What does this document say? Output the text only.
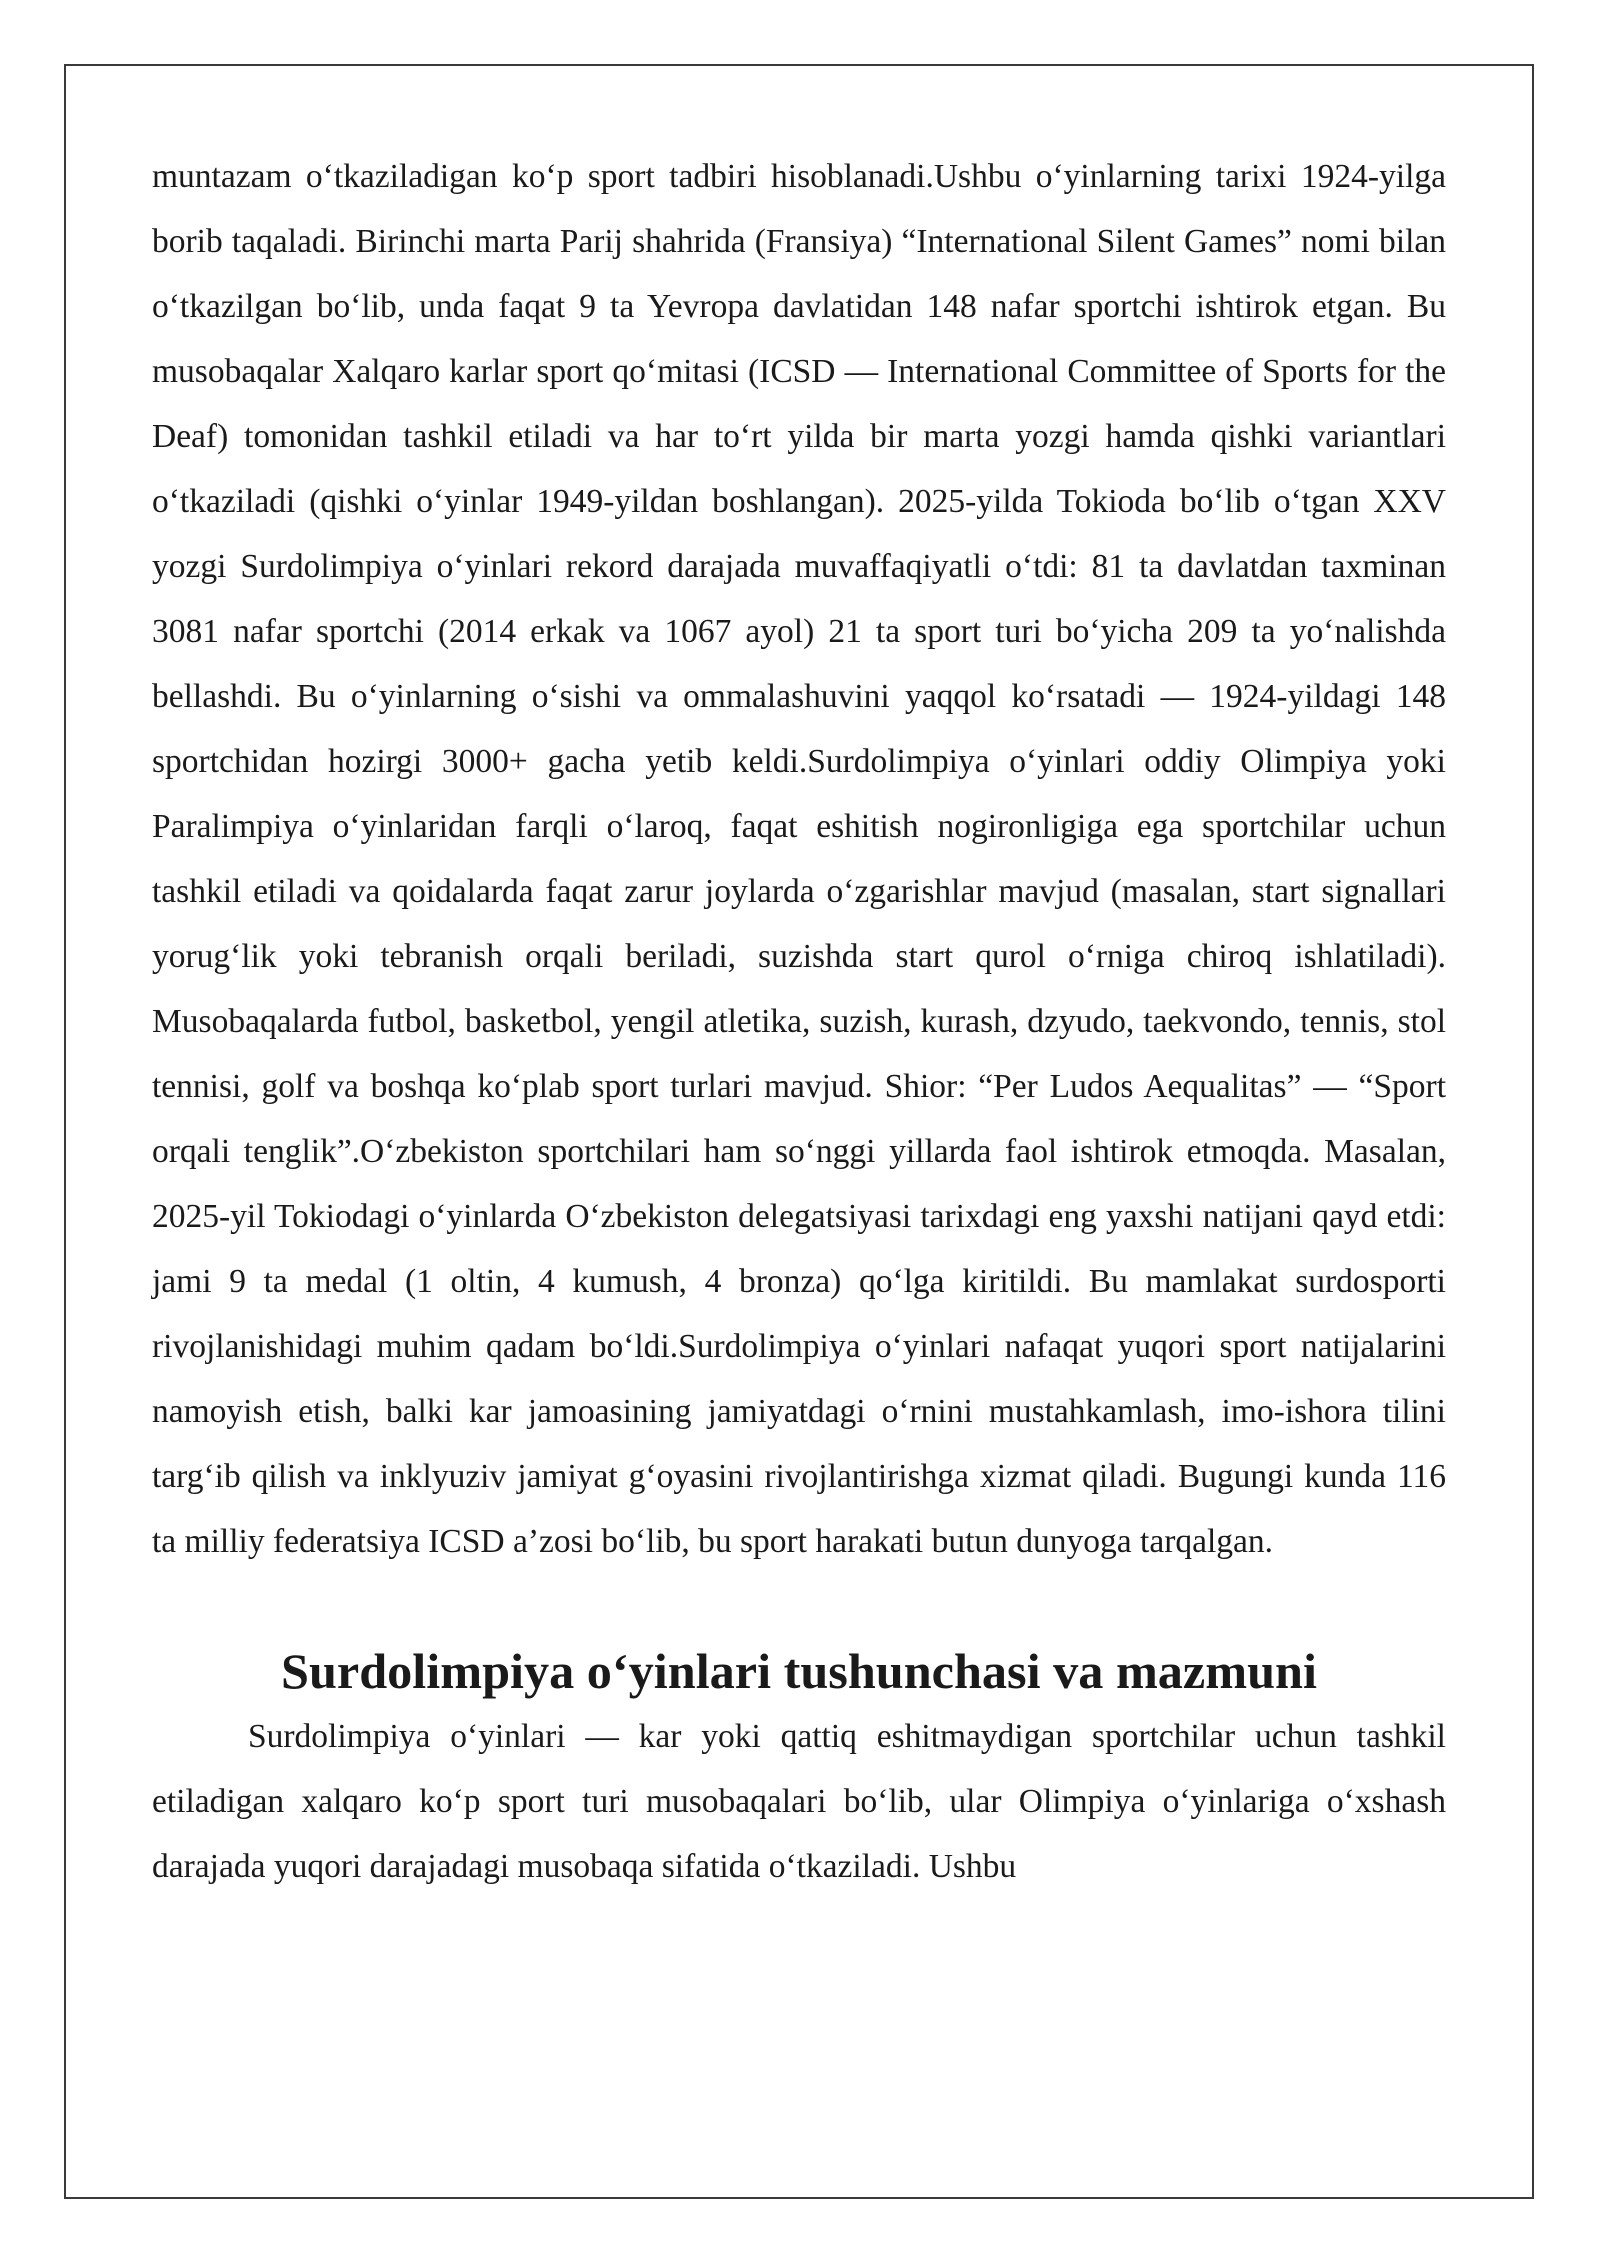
muntazam o‘tkaziladigan ko‘p sport tadbiri hisoblanadi.Ushbu o‘yinlarning tarixi 1924-yilga borib taqaladi. Birinchi marta Parij shahrida (Fransiya) “International Silent Games” nomi bilan o‘tkazilgan bo‘lib, unda faqat 9 ta Yevropa davlatidan 148 nafar sportchi ishtirok etgan. Bu musobaqalar Xalqaro karlar sport qo‘mitasi (ICSD — International Committee of Sports for the Deaf) tomonidan tashkil etiladi va har to‘rt yilda bir marta yozgi hamda qishki variantlari o‘tkaziladi (qishki o‘yinlar 1949-yildan boshlangan). 2025-yilda Tokioda bo‘lib o‘tgan XXV yozgi Surdolimpiya o‘yinlari rekord darajada muvaffaqiyatli o‘tdi: 81 ta davlatdan taxminan 3081 nafar sportchi (2014 erkak va 1067 ayol) 21 ta sport turi bo‘yicha 209 ta yo‘nalishda bellashdi. Bu o‘yinlarning o‘sishi va ommalashuvini yaqqol ko‘rsatadi — 1924-yildagi 148 sportchidan hozirgi 3000+ gacha yetib keldi.Surdolimpiya o‘yinlari oddiy Olimpiya yoki Paralimpiya o‘yinlaridan farqli o‘laroq, faqat eshitish nogironligiga ega sportchilar uchun tashkil etiladi va qoidalarda faqat zarur joylarda o‘zgarishlar mavjud (masalan, start signallari yorug‘lik yoki tebranish orqali beriladi, suzishda start qurol o‘rniga chiroq ishlatiladi). Musobaqalarda futbol, basketbol, yengil atletika, suzish, kurash, dzyudo, taekvondo, tennis, stol tennisi, golf va boshqa ko‘plab sport turlari mavjud. Shior: “Per Ludos Aequalitas” — “Sport orqali tenglik”.O‘zbekiston sportchilari ham so‘nggi yillarda faol ishtirok etmoqda. Masalan, 2025-yil Tokiodagi o‘yinlarda O‘zbekiston delegatsiyasi tarixdagi eng yaxshi natijani qayd etdi: jami 9 ta medal (1 oltin, 4 kumush, 4 bronza) qo‘lga kiritildi. Bu mamlakat surdosporti rivojlanishidagi muhim qadam bo‘ldi.Surdolimpiya o‘yinlari nafaqat yuqori sport natijalarini namoyish etish, balki kar jamoasining jamiyatdagi o‘rnini mustahkamlash, imo-ishora tilini targ‘ib qilish va inklyuziv jamiyat g‘oyasini rivojlantirishga xizmat qiladi. Bugungi kunda 116 ta milliy federatsiya ICSD a’zosi bo‘lib, bu sport harakati butun dunyoga tarqalgan.

Surdolimpiya o‘yinlari tushunchasi va mazmuni

Surdolimpiya o‘yinlari — kar yoki qattiq eshitmaydigan sportchilar uchun tashkil etiladigan xalqaro ko‘p sport turi musobaqalari bo‘lib, ular Olimpiya o‘yinlariga o‘xshash darajada yuqori darajadagi musobaqa sifatida o‘tkaziladi. Ushbu
